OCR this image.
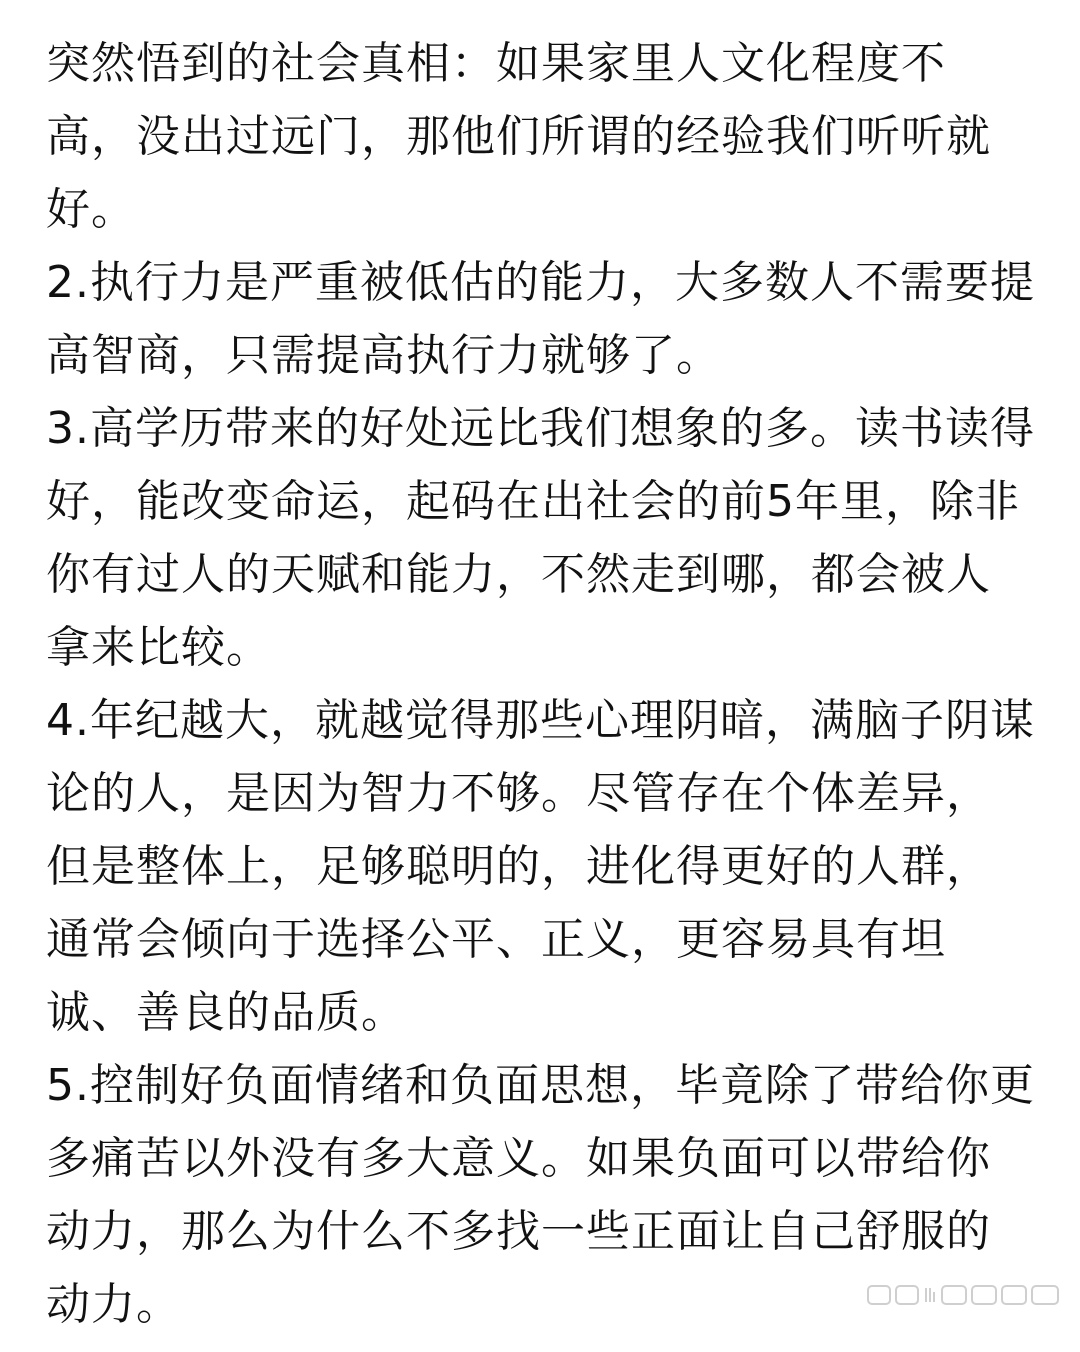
突然悟到的社会真相：如果家里人文化程度不
高，没出过远门，那他们所谓的经验我们听听就
好。
2.执行力是严重被低估的能力，大多数人不需要提
高智商，只需提高执行力就够了。
3.高学历带来的好处远比我们想象的多。读书读得
好，能改变命运，起码在出社会的前5年里，除非
你有过人的天赋和能力，不然走到哪，都会被人
拿来比较。
4.年纪越大，就越觉得那些心理阴暗，满脑子阴谋
论的人，是因为智力不够。尽管存在个体差异，
但是整体上，足够聪明的，进化得更好的人群，
通常会倾向于选择公平、正义，更容易具有坦
诚、善良的品质。
5.控制好负面情绪和负面思想，毕竟除了带给你更
多痛苦以外没有多大意义。如果负面可以带给你
动力，那么为什么不多找一些正面让自己舒服的
动力。
